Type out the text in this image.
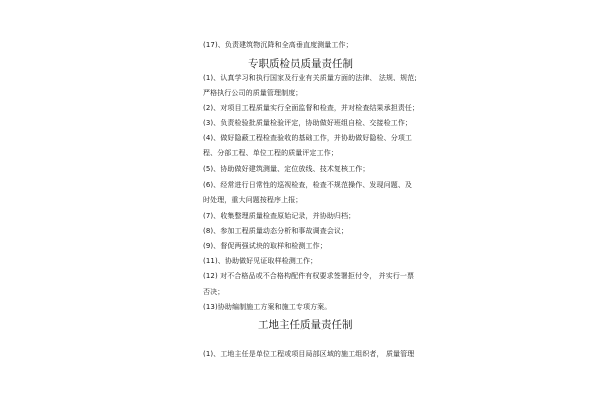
(17)、负责建筑物沉降和全高垂直度测量工作；
专职质检员质量责任制
(1)、认真学习和执行国家及行业有关质量方面的法律、 法规、规范;
严格执行公司的质量管理制度；
(2)、对项目工程质量实行全面监督和检查，并对检查结果承担责任；
(3)、负责检验批质量检验评定，协助做好班组自检、交接检工作；
(4)、做好隐蔽工程检查验收的基础工作，并协助做好隐检、分项工
程、分部工程、单位工程的质量评定工作；
(5)、协助做好建筑测量、定位放线、技术复核工作；
(6)、经常进行日常性的巡视检查，检查不规范操作、发现问题、及
时处理，重大问题按程序上报；
(7)、收集整理质量检查原始记录，并协助归档；
(8)、参加工程质量动态分析和事故调查会议；
(9)、督促两强试块的取样和检测工作；
(11)、协助做好见证取样检测工作；
(12) 对不合格品或不合格构配件有权要求签署拒付令， 并实行一票
否决；
(13)协助编制施工方案和施工专项方案。
工地主任质量责任制
(1)、工地主任是单位工程或项目局部区域的施工组织者， 质量管理
